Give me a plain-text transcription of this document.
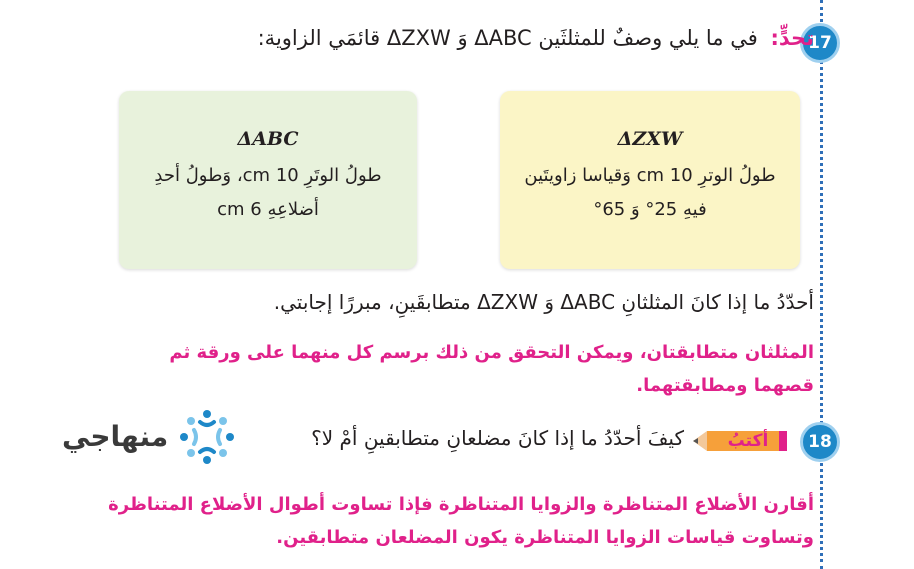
17
تحدٍّ: في ما يلي وصفٌ للمثلثَين ΔABC وَ ΔZXW قائمَي الزاوية:
ΔZXW
طولُ الوترِ 10 cm وَقياسا زاويتَين
فيهِ 25° وَ 65°
ΔABC
طولُ الوتَرِ 10 cm، وَطولُ أحدِ
أضلاعِهِ 6 cm
أحدّدُ ما إذا كانَ المثلثانِ ΔABC وَ ΔZXW متطابقَينِ، مبررًا إجابتي.
المثلثان متطابقتان، ويمكن التحقق من ذلك برسم كل منهما على ورقة ثم قصهما ومطابقتهما.
18
أكتبُ
كيفَ أحدّدُ ما إذا كانَ مضلعانِ متطابقينِ أمْ لا؟
منهاجي
أقارن الأضلاع المتناظرة والزوايا المتناظرة فإذا تساوت أطوال الأضلاع المتناظرة وتساوت قياسات الزوايا المتناظرة يكون المضلعان متطابقين.
